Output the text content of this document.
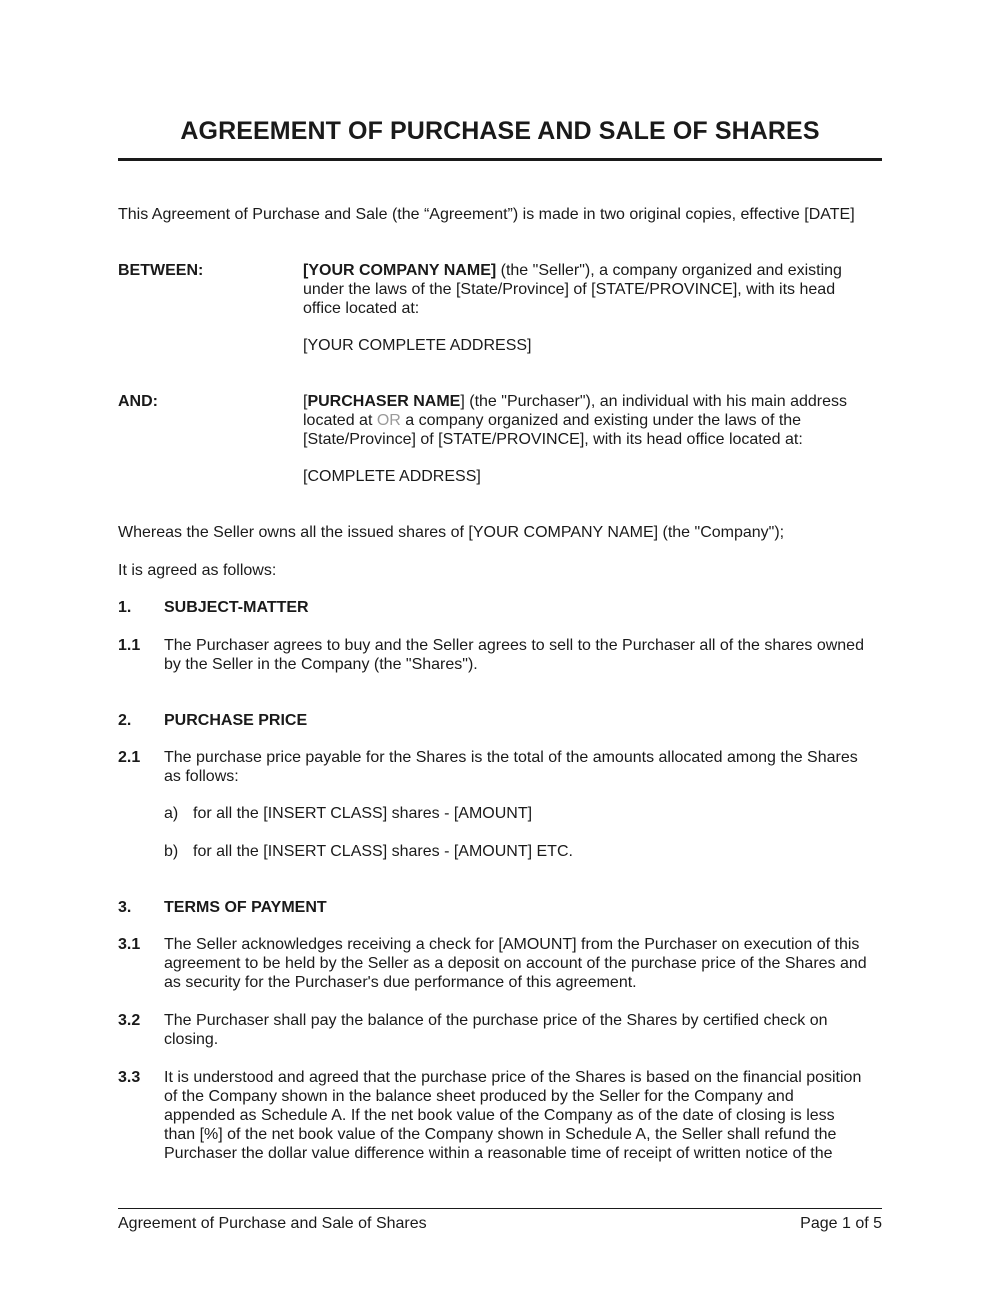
AGREEMENT OF PURCHASE AND SALE OF SHARES
This Agreement of Purchase and Sale (the “Agreement”) is made in two original copies, effective [DATE]
BETWEEN:	[YOUR COMPANY NAME] (the "Seller"), a company organized and existing
under the laws of the [State/Province] of [STATE/PROVINCE], with its head
office located at:
[YOUR COMPLETE ADDRESS]
AND:	[PURCHASER NAME] (the "Purchaser"), an individual with his main address
located at OR a company organized and existing under the laws of the
[State/Province] of [STATE/PROVINCE], with its head office located at:
[COMPLETE ADDRESS]
Whereas the Seller owns all the issued shares of [YOUR COMPANY NAME] (the "Company");
It is agreed as follows:
1. SUBJECT-MATTER
1.1 The Purchaser agrees to buy and the Seller agrees to sell to the Purchaser all of the shares owned
by the Seller in the Company (the "Shares").
2. PURCHASE PRICE
2.1 The purchase price payable for the Shares is the total of the amounts allocated among the Shares
as follows:
a) for all the [INSERT CLASS] shares - [AMOUNT]
b) for all the [INSERT CLASS] shares - [AMOUNT] ETC.
3. TERMS OF PAYMENT
3.1 The Seller acknowledges receiving a check for [AMOUNT] from the Purchaser on execution of this
agreement to be held by the Seller as a deposit on account of the purchase price of the Shares and
as security for the Purchaser's due performance of this agreement.
3.2 The Purchaser shall pay the balance of the purchase price of the Shares by certified check on
closing.
3.3 It is understood and agreed that the purchase price of the Shares is based on the financial position
of the Company shown in the balance sheet produced by the Seller for the Company and
appended as Schedule A. If the net book value of the Company as of the date of closing is less
than [%] of the net book value of the Company shown in Schedule A, the Seller shall refund the
Purchaser the dollar value difference within a reasonable time of receipt of written notice of the
Agreement of Purchase and Sale of Shares	Page 1 of 5
